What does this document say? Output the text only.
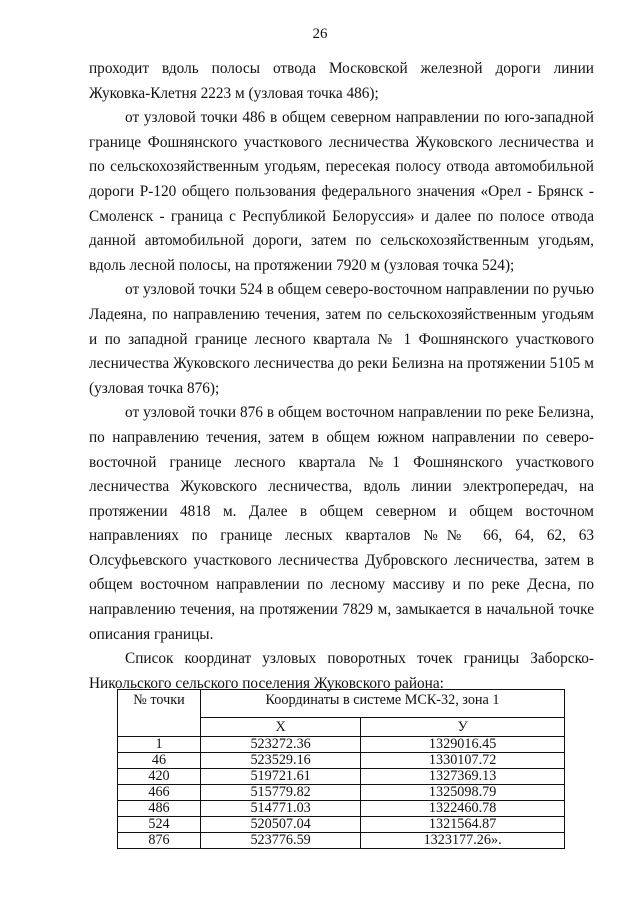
26

проходит вдоль полосы отвода Московской железной дороги линии Жуковка-Клетня 2223 м (узловая точка 486);

от узловой точки 486 в общем северном направлении по юго-западной границе Фошнянского участкового лесничества Жуковского лесничества и по сельскохозяйственным угодьям, пересекая полосу отвода автомобильной дороги Р-120 общего пользования федерального значения «Орел - Брянск - Смоленск - граница с Республикой Белоруссия» и далее по полосе отвода данной автомобильной дороги, затем по сельскохозяйственным угодьям, вдоль лесной полосы, на протяжении 7920 м (узловая точка 524);

от узловой точки 524 в общем северо-восточном направлении по ручью Ладеяна, по направлению течения, затем по сельскохозяйственным угодьям и по западной границе лесного квартала № 1 Фошнянского участкового лесничества Жуковского лесничества до реки Белизна на протяжении 5105 м (узловая точка 876);

от узловой точки 876 в общем восточном направлении по реке Белизна, по направлению течения, затем в общем южном направлении по северо-восточной границе лесного квартала №1 Фошнянского участкового лесничества Жуковского лесничества, вдоль линии электропередач, на протяжении 4818 м. Далее в общем северном и общем восточном направлениях по границе лесных кварталов №№ 66, 64, 62, 63 Олсуфьевского участкового лесничества Дубровского лесничества, затем в общем восточном направлении по лесному массиву и по реке Десна, по направлению течения, на протяжении 7829 м, замыкается в начальной точке описания границы.

Список координат узловых поворотных точек границы Заборско-Никольского сельского поселения Жуковского района:

№ точки	Координаты в системе МСК-32, зона 1	
	X	У
1	523272.36	1329016.45
46	523529.16	1330107.72
420	519721.61	1327369.13
466	515779.82	1325098.79
486	514771.03	1322460.78
524	520507.04	1321564.87
876	523776.59	1323177.26».
